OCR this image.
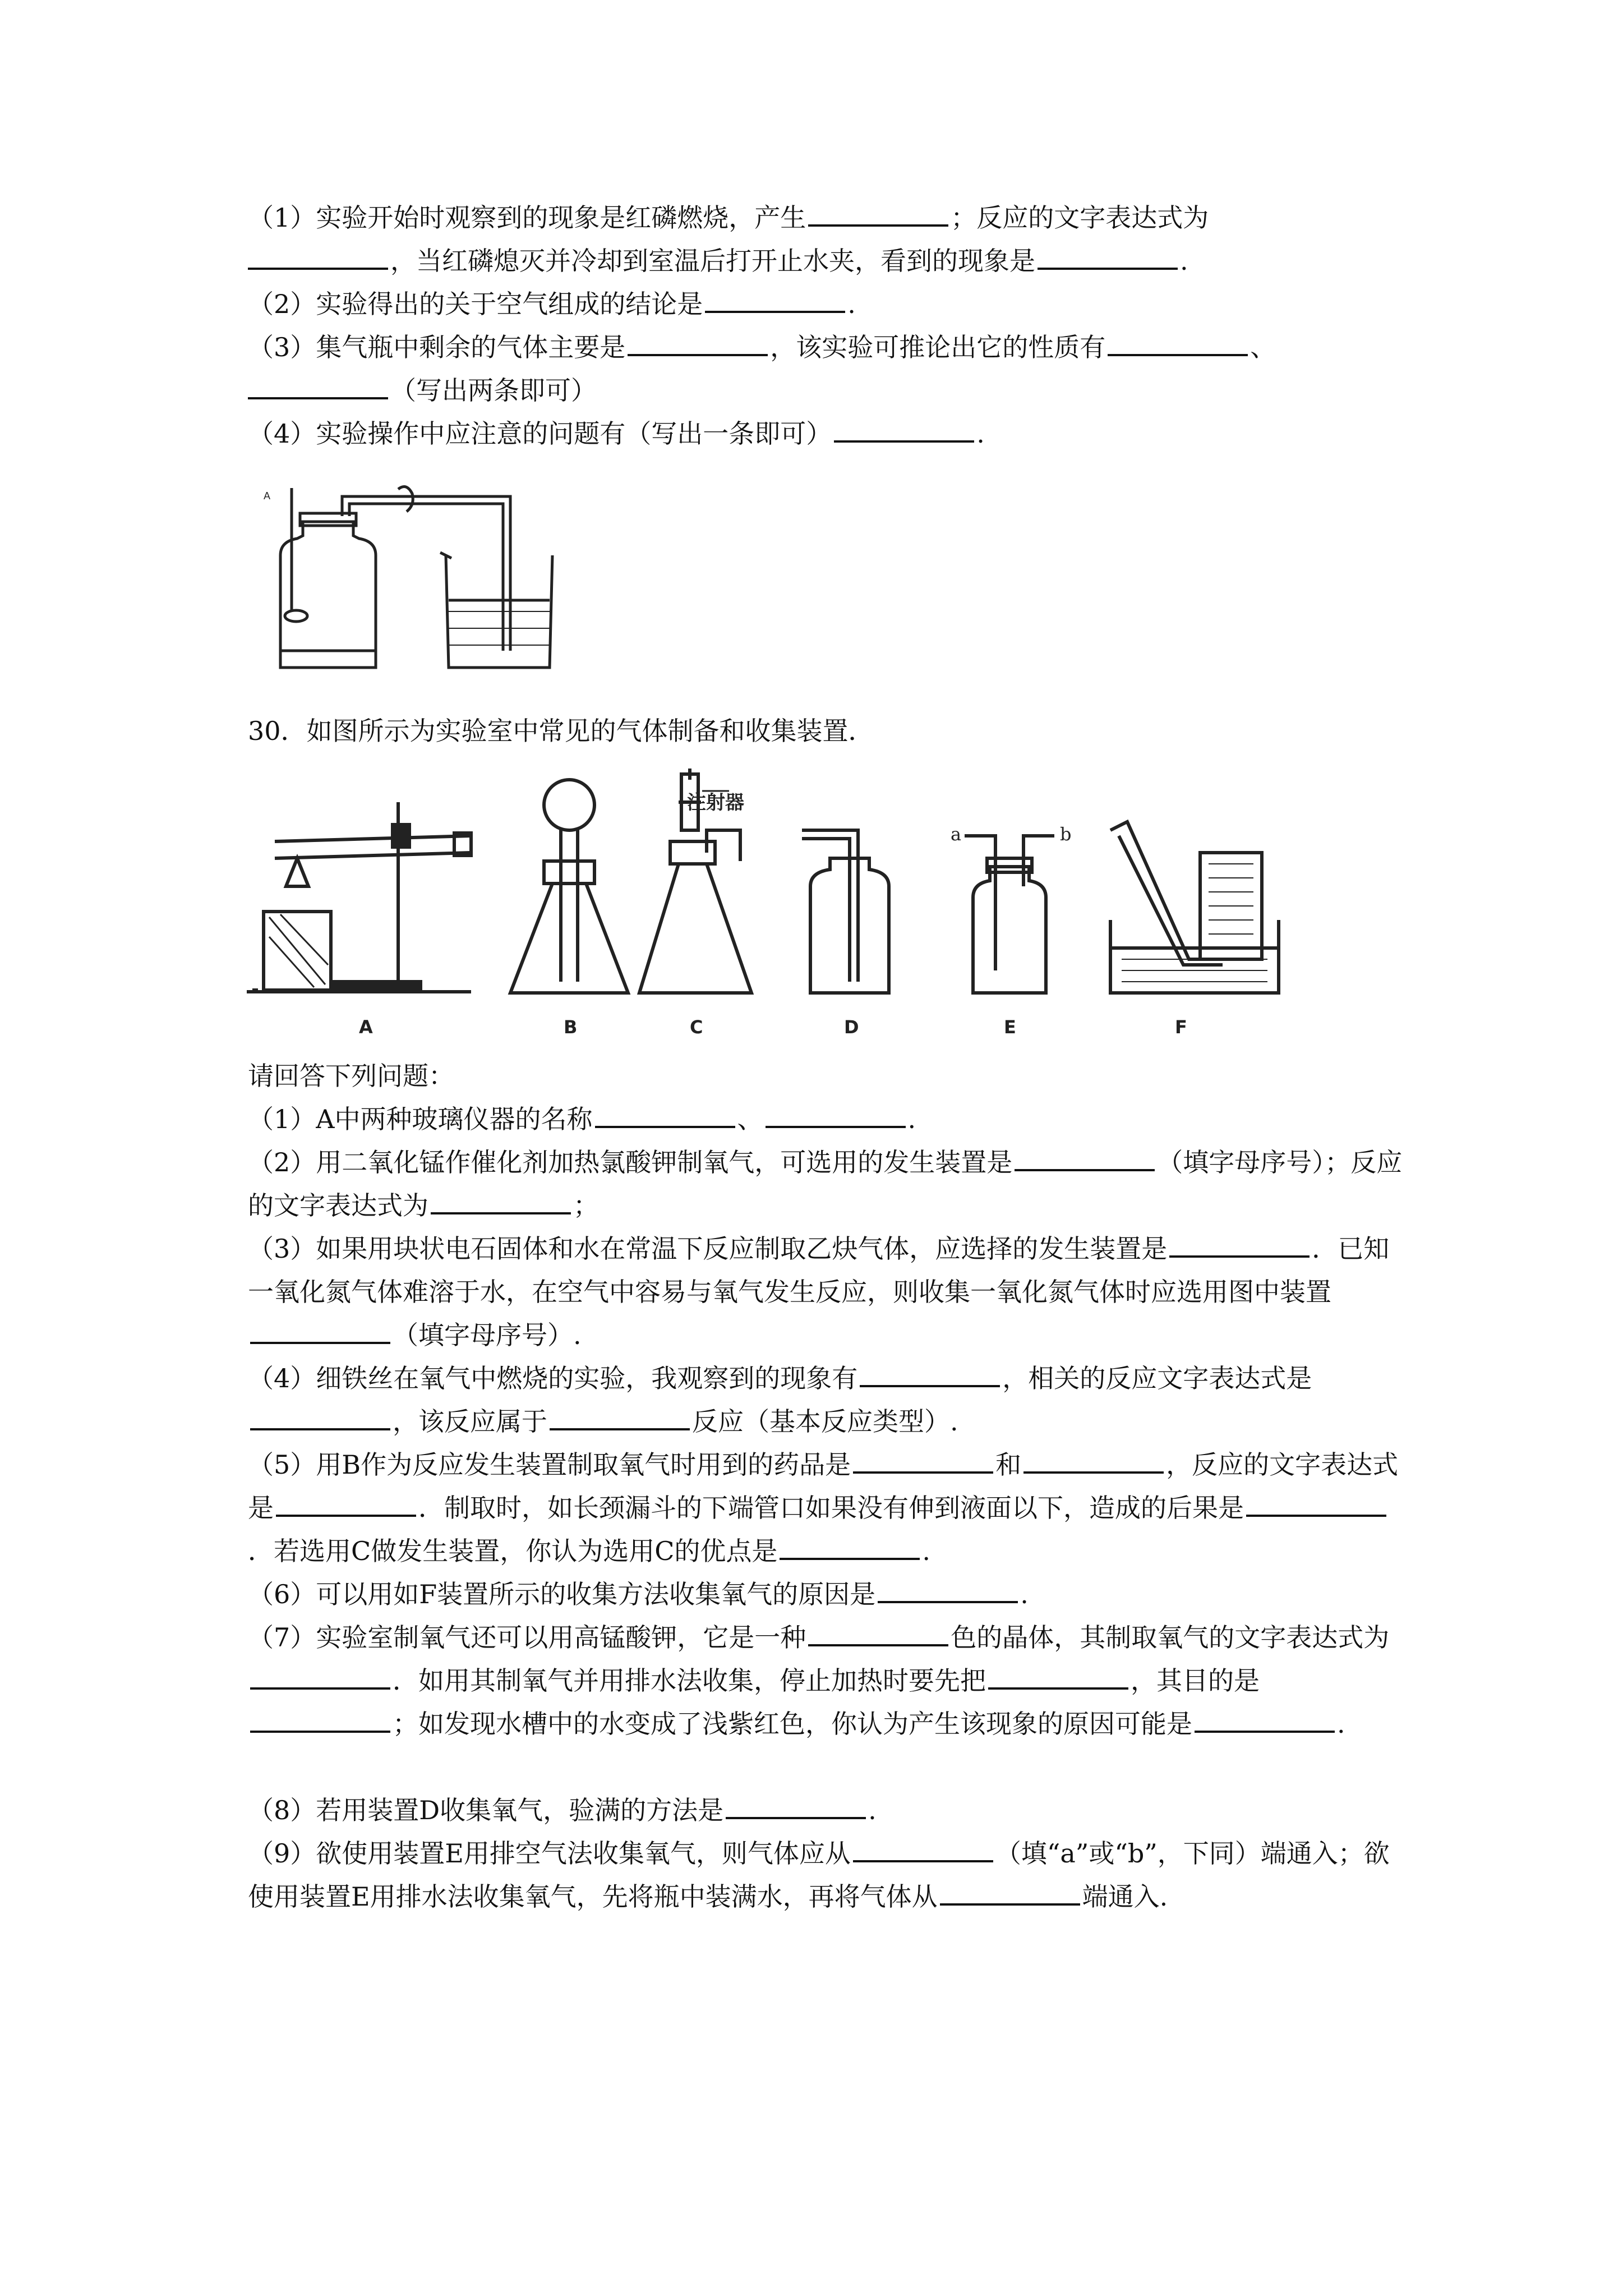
（1）实验开始时观察到的现象是红磷燃烧，产生	；反应的文字表达式为
，当红磷熄灭并冷却到室温后打开止水夹，看到的现象是	.
（2）实验得出的关于空气组成的结论是	.
（3）集气瓶中剩余的气体主要是	，该实验可推论出它的性质有	、
（写出两条即可）
（4）实验操作中应注意的问题有（写出一条即可）	.
A
30．如图所示为实验室中常见的气体制备和收集装置．
注射器
a	b
A	B	C	D	E	F
请回答下列问题：
（1）A中两种玻璃仪器的名称	、	.
（2）用二氧化锰作催化剂加热氯酸钾制氧气，可选用的发生装置是	（填字母序号）；反应的文字表达式为	；
（3）如果用块状电石固体和水在常温下反应制取乙炔气体，应选择的发生装置是	．已知一氧化氮气体难溶于水，在空气中容易与氧气发生反应，则收集一氧化氮气体时应选用图中装置（填字母序号）.
（4）细铁丝在氧气中燃烧的实验，我观察到的现象有	，相关的反应文字表达式是，该反应属于	反应（基本反应类型）.
（5）用B作为反应发生装置制取氧气时用到的药品是	和	，反应的文字表达式是	．制取时，如长颈漏斗的下端管口如果没有伸到液面以下，造成的后果是．若选用C做发生装置，你认为选用C的优点是	.
（6）可以用如F装置所示的收集方法收集氧气的原因是	.
（7）实验室制氧气还可以用高锰酸钾，它是一种	色的晶体，其制取氧气的文字表达式为．如用其制氧气并用排水法收集，停止加热时要先把	，其目的是；如发现水槽中的水变成了浅紫红色，你认为产生该现象的原因可能是	.
（8）若用装置D收集氧气，验满的方法是	.
（9）欲使用装置E用排空气法收集氧气，则气体应从	（填“a”或“b”，下同）端通入；欲使用装置E用排水法收集氧气，先将瓶中装满水，再将气体从	端通入.
